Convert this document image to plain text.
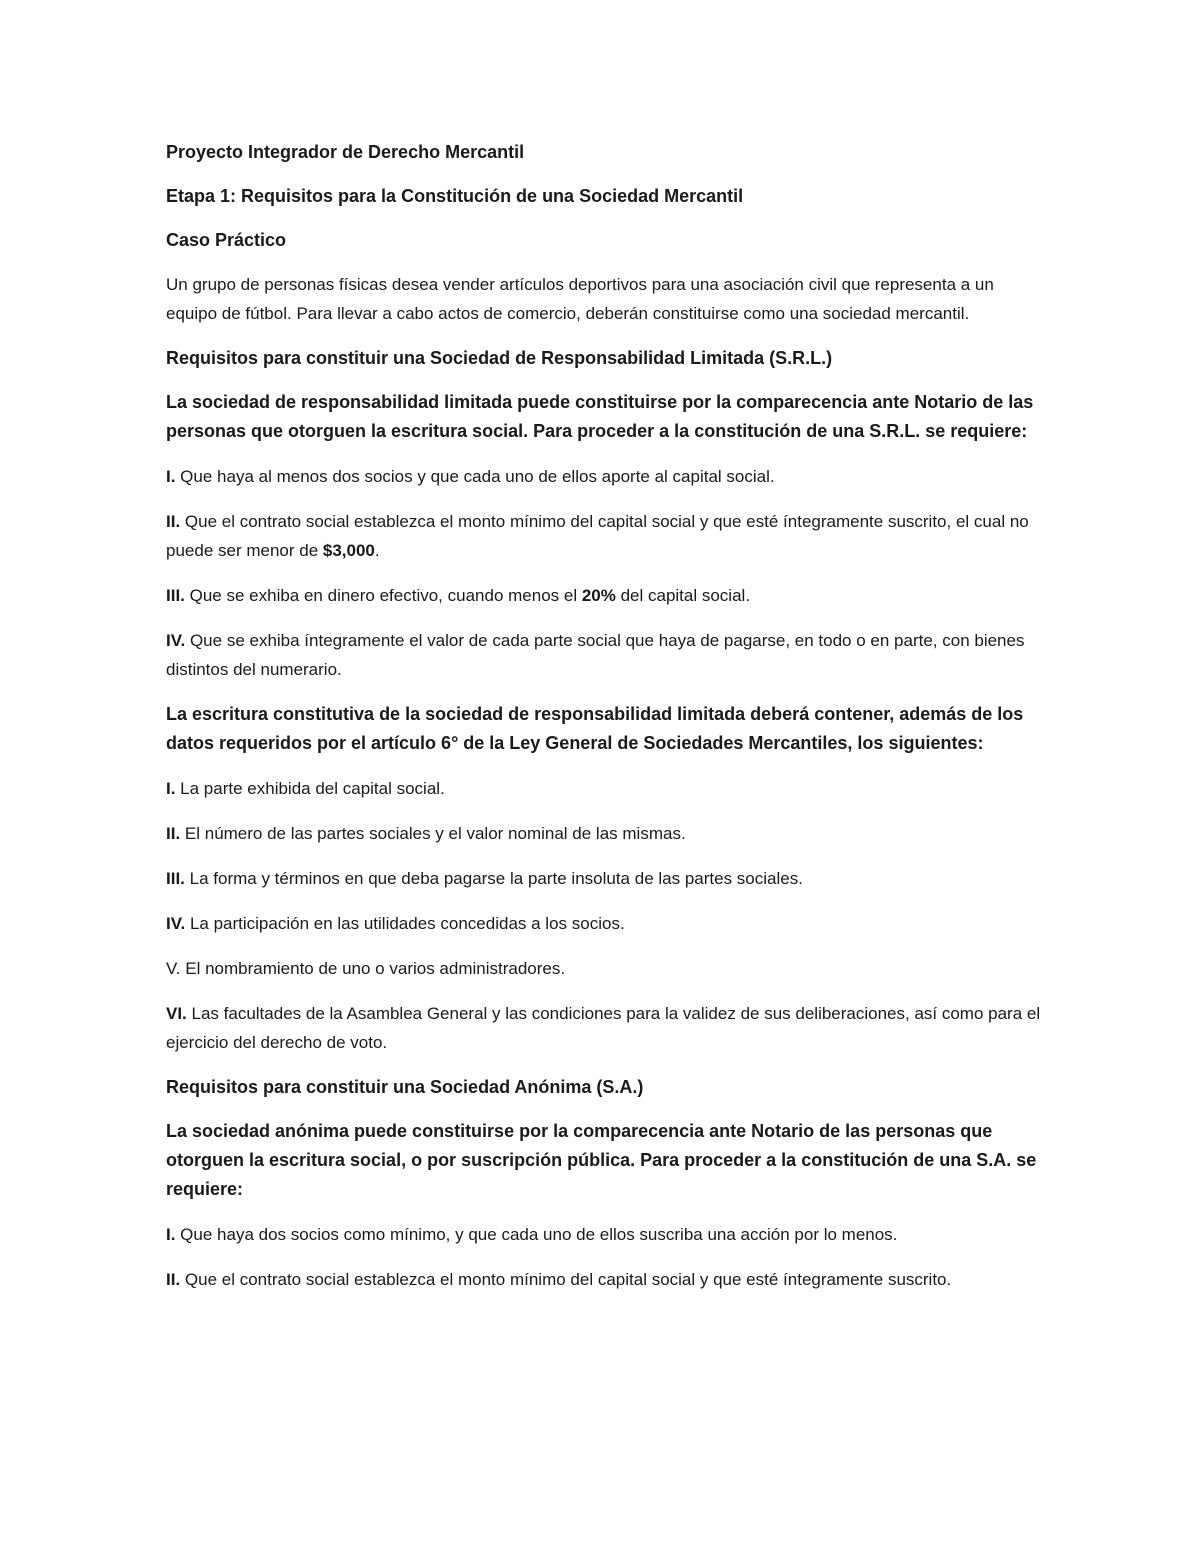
Proyecto Integrador de Derecho Mercantil

Etapa 1: Requisitos para la Constitución de una Sociedad Mercantil

Caso Práctico

Un grupo de personas físicas desea vender artículos deportivos para una asociación civil que representa a un equipo de fútbol. Para llevar a cabo actos de comercio, deberán constituirse como una sociedad mercantil.

Requisitos para constituir una Sociedad de Responsabilidad Limitada (S.R.L.)

La sociedad de responsabilidad limitada puede constituirse por la comparecencia ante Notario de las personas que otorguen la escritura social. Para proceder a la constitución de una S.R.L. se requiere:

I. Que haya al menos dos socios y que cada uno de ellos aporte al capital social.

II. Que el contrato social establezca el monto mínimo del capital social y que esté íntegramente suscrito, el cual no puede ser menor de $3,000.

III. Que se exhiba en dinero efectivo, cuando menos el 20% del capital social.

IV. Que se exhiba íntegramente el valor de cada parte social que haya de pagarse, en todo o en parte, con bienes distintos del numerario.

La escritura constitutiva de la sociedad de responsabilidad limitada deberá contener, además de los datos requeridos por el artículo 6° de la Ley General de Sociedades Mercantiles, los siguientes:

I. La parte exhibida del capital social.

II. El número de las partes sociales y el valor nominal de las mismas.

III. La forma y términos en que deba pagarse la parte insoluta de las partes sociales.

IV. La participación en las utilidades concedidas a los socios.

V. El nombramiento de uno o varios administradores.

VI. Las facultades de la Asamblea General y las condiciones para la validez de sus deliberaciones, así como para el ejercicio del derecho de voto.

Requisitos para constituir una Sociedad Anónima (S.A.)

La sociedad anónima puede constituirse por la comparecencia ante Notario de las personas que otorguen la escritura social, o por suscripción pública. Para proceder a la constitución de una S.A. se requiere:

I. Que haya dos socios como mínimo, y que cada uno de ellos suscriba una acción por lo menos.

II. Que el contrato social establezca el monto mínimo del capital social y que esté íntegramente suscrito.
